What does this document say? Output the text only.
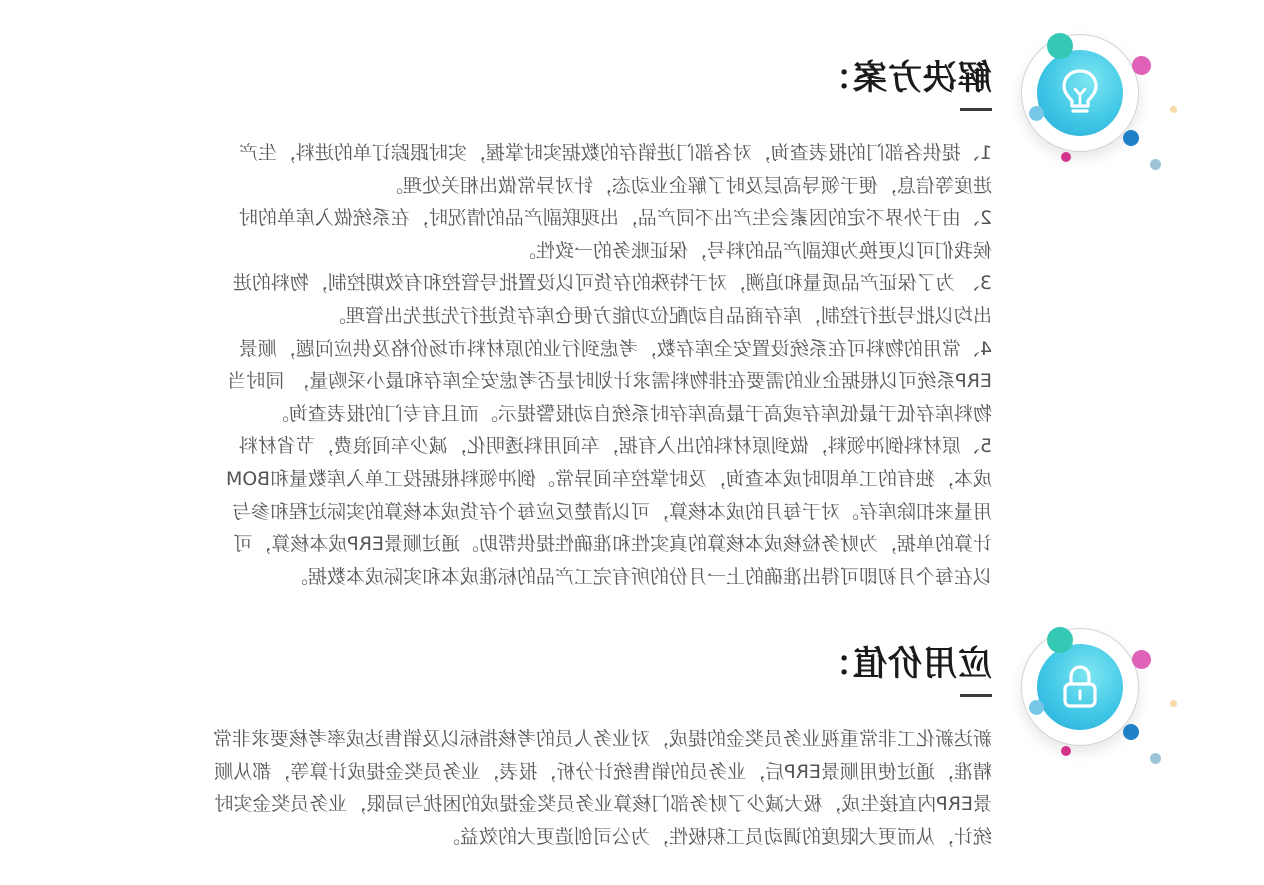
解决方案：

1、提供各部门的报表查询，对各部门进销存的数据实时掌握，实时跟踪订单的进料，生产

进度等信息，便于领导高层及时了解企业动态，针对异常做出相关处理。

2、由于外界不定的因素会生产出不同产品，出现联副产品的情况时，在系统做入库单的时

候我们可以更换为联副产品的料号，保证账务的一致性。

3、 为了保证产品质量和追溯，对于特殊的存货可以设置批号管控和有效期控制，物料的进

出均以批号进行控制，库存商品自动配位功能方便仓库存货进行先进先出管理。

4、常用的物料可在系统设置安全库存数，考虑到行业的原材料市场价格及供应问题，顺景

ERP系统可以根据企业的需要在排物料需求计划时是否考虑安全库存和最小采购量， 同时当

物料库存低于最低库存或高于最高库存时系统自动报警提示。而且有专门的报表查询。

5、原材料倒冲领料，做到原材料的出入有据，车间用料透明化，减少车间浪费，节省材料

成本，独有的工单即时成本查询，及时掌控车间异常。倒冲领料根据投工单入库数量和BOM

用量来扣除库存。对于每月的成本核算，可以清楚反应每个存货成本核算的实际过程和参与

计算的单据，为财务检核成本核算的真实性和准确性提供帮助。通过顺景ERP成本核算，可

以在每个月初即可得出准确的上一月份的所有完工产品的标准成本和实际成本数据。

应用价值：

新达新化工非常重视业务员奖金的提成，对业务人员的考核指标以及销售达成率考核要求非常

精准，通过使用顺景ERP后，业务员的销售统计分析，报表，业务员奖金提成计算等，都从顺

景ERP内直接生成，极大减少了财务部门核算业务员奖金提成的困扰与局限，业务员奖金实时

统计，从而更大限度的调动员工积极性，为公司创造更大的效益。
